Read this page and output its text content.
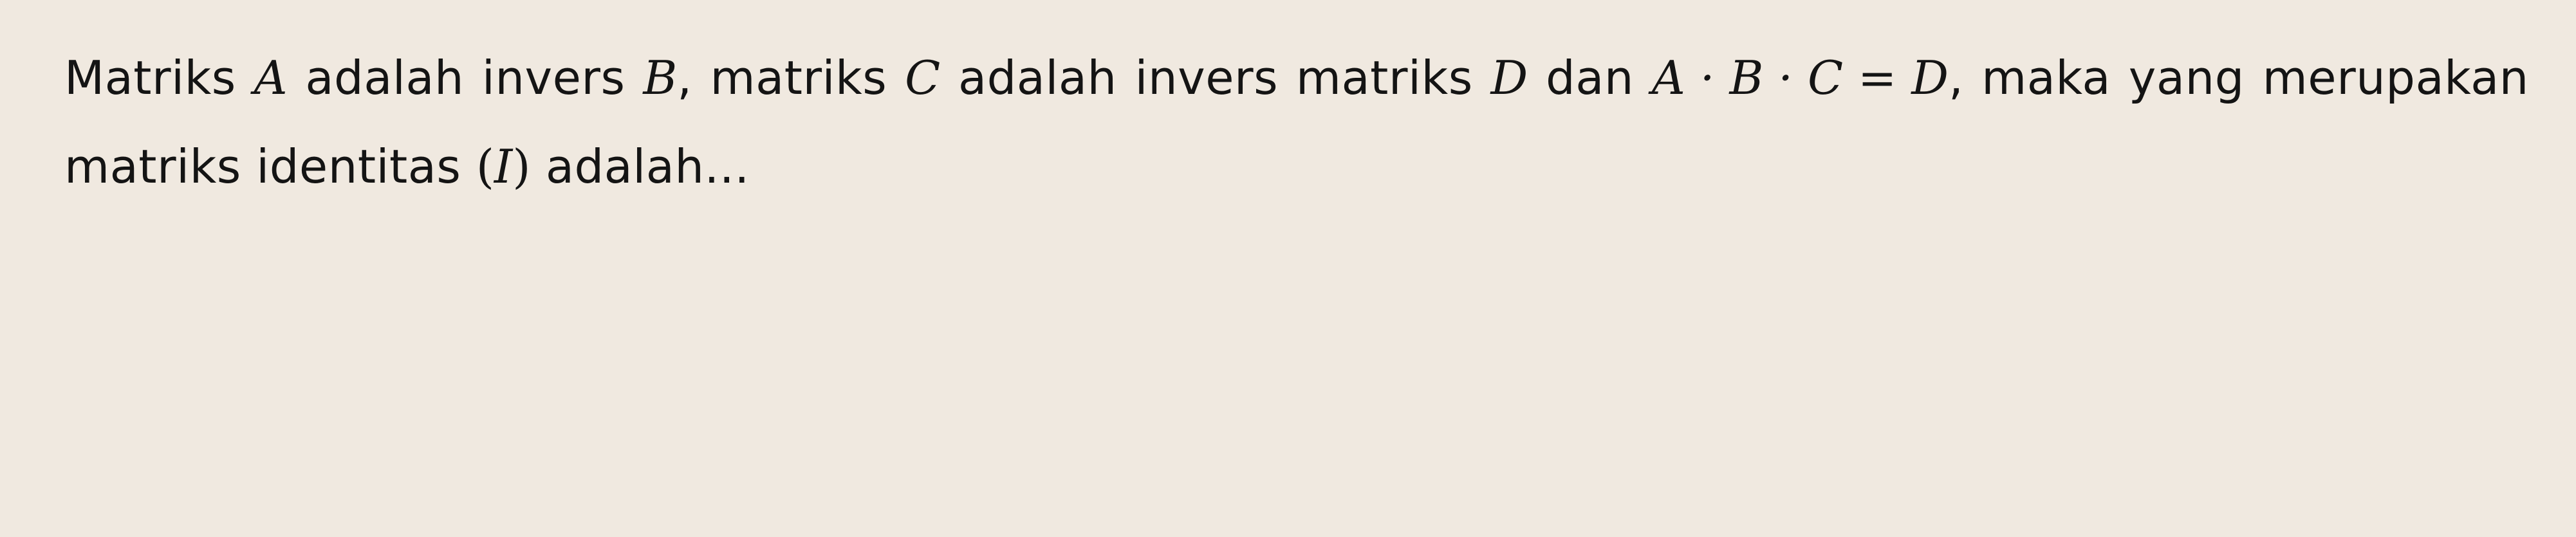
Matriks A adalah invers B, matriks C adalah invers matriks D dan A · B · C = D, maka yang merupakan
matriks identitas (I) adalah...
